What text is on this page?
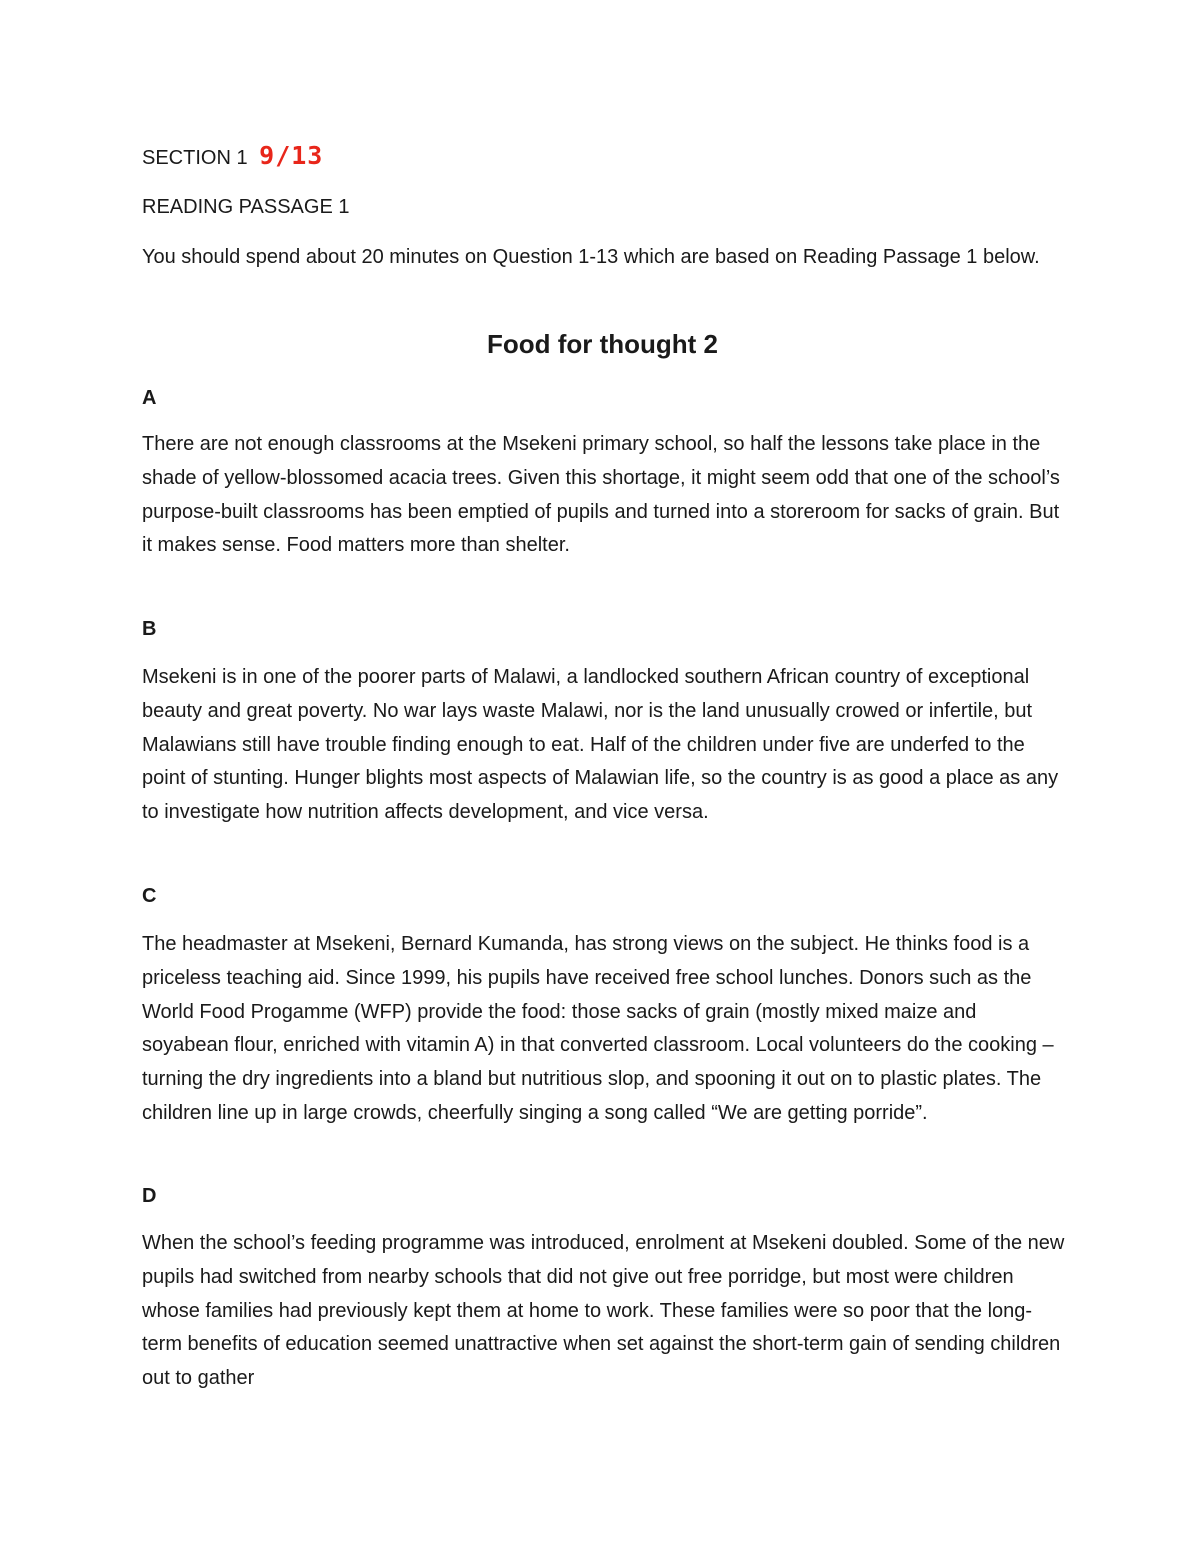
SECTION 1 9/13
READING PASSAGE 1
You should spend about 20 minutes on Question 1-13 which are based on Reading Passage 1 below.
Food for thought 2
A
There are not enough classrooms at the Msekeni primary school, so half the lessons take place in the shade of yellow-blossomed acacia trees. Given this shortage, it might seem odd that one of the school’s purpose-built classrooms has been emptied of pupils and turned into a storeroom for sacks of grain. But it makes sense. Food matters more than shelter.
B
Msekeni is in one of the poorer parts of Malawi, a landlocked southern African country of exceptional beauty and great poverty. No war lays waste Malawi, nor is the land unusually crowed or infertile, but Malawians still have trouble finding enough to eat. Half of the children under five are underfed to the point of stunting. Hunger blights most aspects of Malawian life, so the country is as good a place as any to investigate how nutrition affects development, and vice versa.
C
The headmaster at Msekeni, Bernard Kumanda, has strong views on the subject. He thinks food is a priceless teaching aid. Since 1999, his pupils have received free school lunches. Donors such as the World Food Progamme (WFP) provide the food: those sacks of grain (mostly mixed maize and soyabean flour, enriched with vitamin A) in that converted classroom. Local volunteers do the cooking – turning the dry ingredients into a bland but nutritious slop, and spooning it out on to plastic plates. The children line up in large crowds, cheerfully singing a song called “We are getting porride”.
D
When the school’s feeding programme was introduced, enrolment at Msekeni doubled. Some of the new pupils had switched from nearby schools that did not give out free porridge, but most were children whose families had previously kept them at home to work. These families were so poor that the long-term benefits of education seemed unattractive when set against the short-term gain of sending children out to gather
